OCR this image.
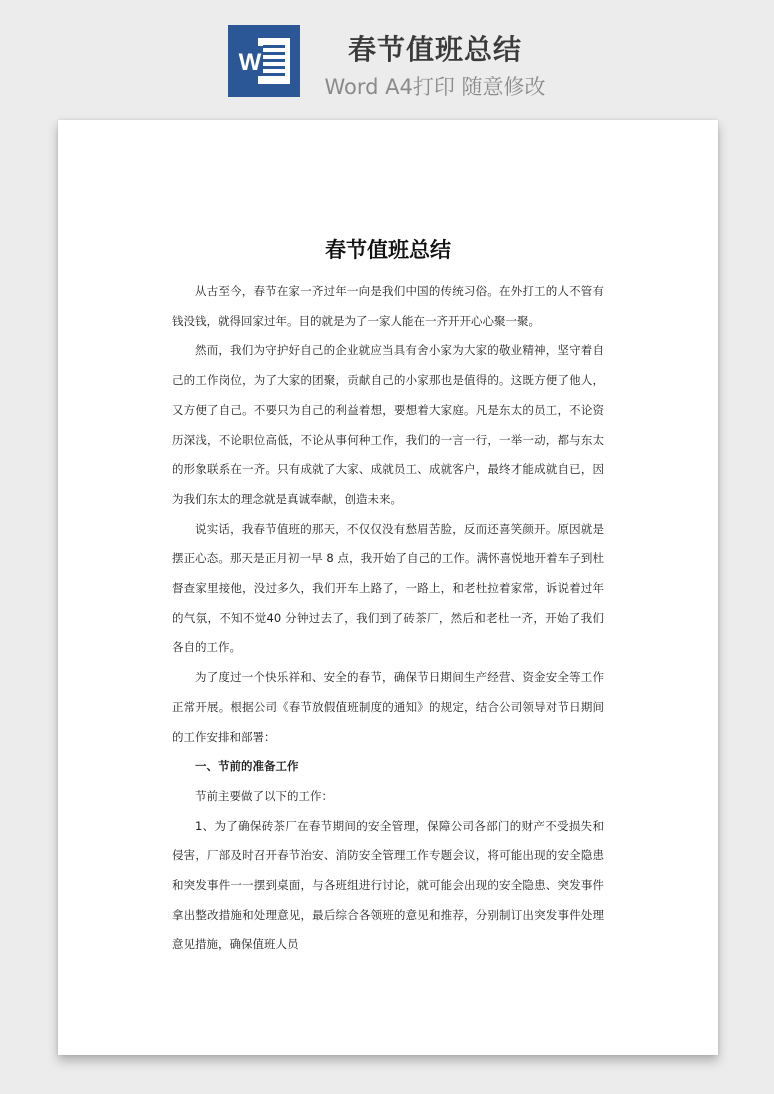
W	春节值班总结
Word A4打印 随意修改

春节值班总结

从古至今，春节在家一齐过年一向是我们中国的传统习俗。在外打工的人不管有钱没钱，就得回家过年。目的就是为了一家人能在一齐开开心心聚一聚。

然而，我们为守护好自己的企业就应当具有舍小家为大家的敬业精神，坚守着自己的工作岗位，为了大家的团聚，贡献自己的小家那也是值得的。这既方便了他人，又方便了自己。不要只为自己的利益着想，要想着大家庭。凡是东太的员工，不论资历深浅，不论职位高低，不论从事何种工作，我们的一言一行，一举一动，都与东太的形象联系在一齐。只有成就了大家、成就员工、成就客户，最终才能成就自已，因为我们东太的理念就是真诚奉献，创造未来。

说实话，我春节值班的那天，不仅仅没有愁眉苦脸，反而还喜笑颜开。原因就是摆正心态。那天是正月初一早 8 点，我开始了自己的工作。满怀喜悦地开着车子到杜督查家里接他，没过多久，我们开车上路了，一路上，和老杜拉着家常，诉说着过年的气氛，不知不觉40 分钟过去了，我们到了砖茶厂，然后和老杜一齐，开始了我们各自的工作。

为了度过一个快乐祥和、安全的春节，确保节日期间生产经营、资金安全等工作正常开展。根据公司《春节放假值班制度的通知》的规定，结合公司领导对节日期间的工作安排和部署：

一、节前的准备工作

节前主要做了以下的工作：

1、为了确保砖茶厂在春节期间的安全管理，保障公司各部门的财产不受损失和侵害，厂部及时召开春节治安、消防安全管理工作专题会议，将可能出现的安全隐患和突发事件一一摆到桌面，与各班组进行讨论，就可能会出现的安全隐患、突发事件拿出整改措施和处理意见，最后综合各领班的意见和推荐，分别制订出突发事件处理意见措施，确保值班人员
